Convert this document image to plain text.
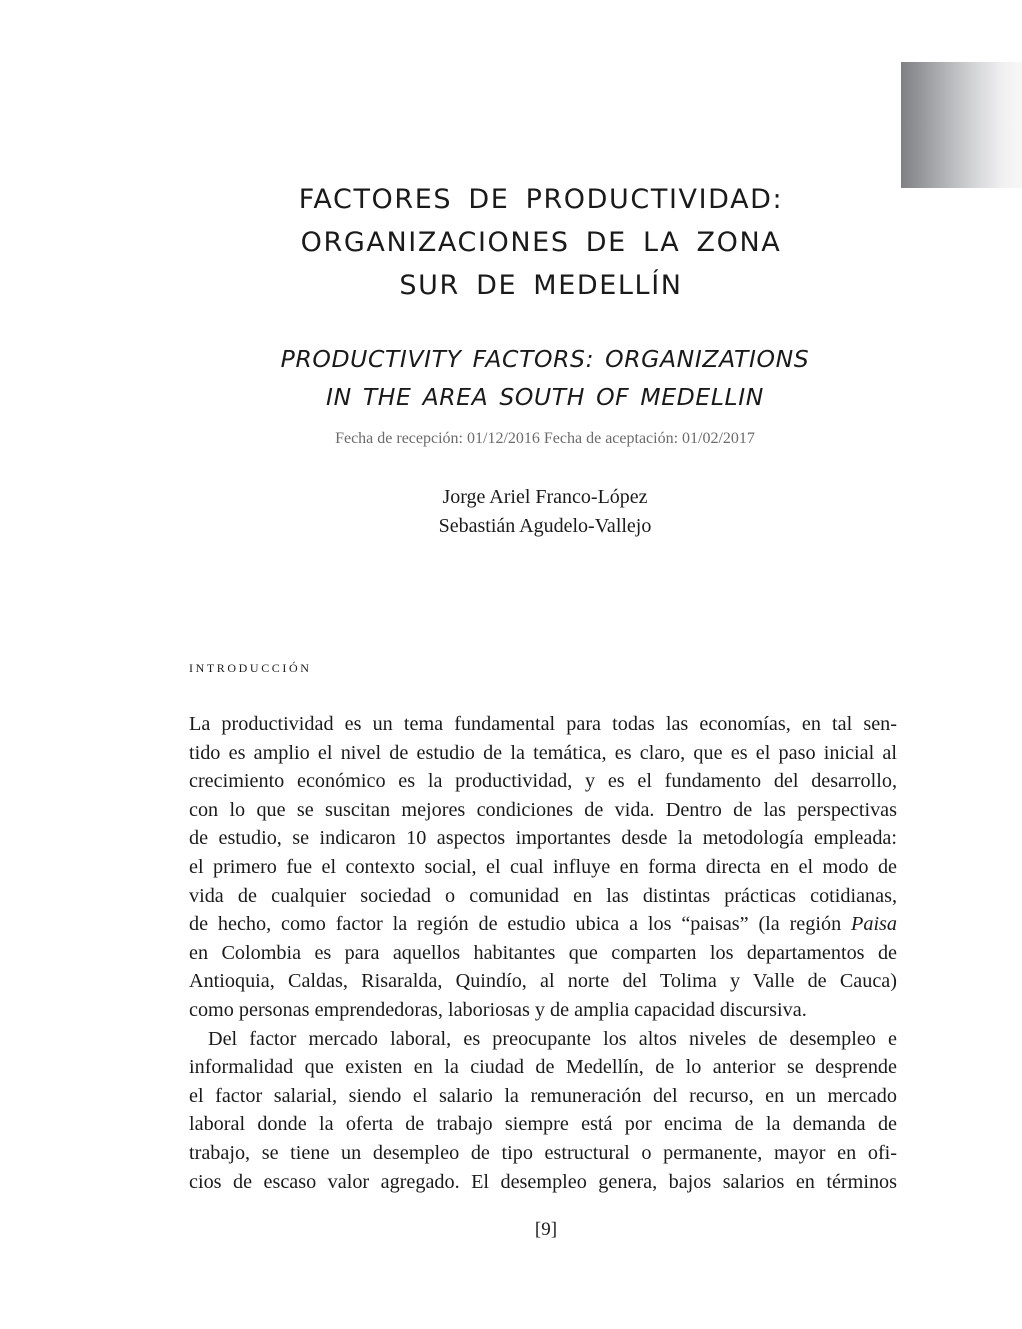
FACTORES DE PRODUCTIVIDAD:
ORGANIZACIONES DE LA ZONA
SUR DE MEDELLÍN
PRODUCTIVITY FACTORS: ORGANIZATIONS
IN THE AREA SOUTH OF MEDELLIN
Fecha de recepción: 01/12/2016 Fecha de aceptación: 01/02/2017
Jorge Ariel Franco-López
Sebastián Agudelo-Vallejo
introducción
La productividad es un tema fundamental para todas las economías, en tal sen-
tido es amplio el nivel de estudio de la temática, es claro, que es el paso inicial al
crecimiento económico es la productividad, y es el fundamento del desarrollo,
con lo que se suscitan mejores condiciones de vida. Dentro de las perspectivas
de estudio, se indicaron 10 aspectos importantes desde la metodología empleada:
el primero fue el contexto social, el cual influye en forma directa en el modo de
vida de cualquier sociedad o comunidad en las distintas prácticas cotidianas,
de hecho, como factor la región de estudio ubica a los “paisas” (la región Paisa
en Colombia es para aquellos habitantes que comparten los departamentos de
Antioquia, Caldas, Risaralda, Quindío, al norte del Tolima y Valle de Cauca)
como personas emprendedoras, laboriosas y de amplia capacidad discursiva.
Del factor mercado laboral, es preocupante los altos niveles de desempleo e
informalidad que existen en la ciudad de Medellín, de lo anterior se desprende
el factor salarial, siendo el salario la remuneración del recurso, en un mercado
laboral donde la oferta de trabajo siempre está por encima de la demanda de
trabajo, se tiene un desempleo de tipo estructural o permanente, mayor en ofi-
cios de escaso valor agregado. El desempleo genera, bajos salarios en términos
[9]
